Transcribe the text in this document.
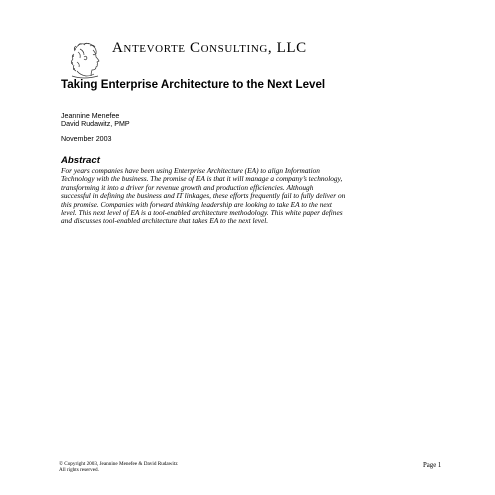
Antevorte Consulting, LLC
Taking Enterprise Architecture to the Next Level
Jeannine Menefee
David Rudawitz, PMP
November 2003
Abstract

For years companies have been using Enterprise Architecture (EA) to align Information
Technology with the business. The promise of EA is that it will manage a company’s technology,
transforming it into a driver for revenue growth and production efficiencies. Although
successful in defining the business and IT linkages, these efforts frequently fail to fully deliver on
this promise. Companies with forward thinking leadership are looking to take EA to the next
level. This next level of EA is a tool-enabled architecture methodology. This white paper defines
and discusses tool-enabled architecture that takes EA to the next level.

© Copyright 2003, Jeannine Menefee & David Rudawitz
All rights reserved.
Page 1
